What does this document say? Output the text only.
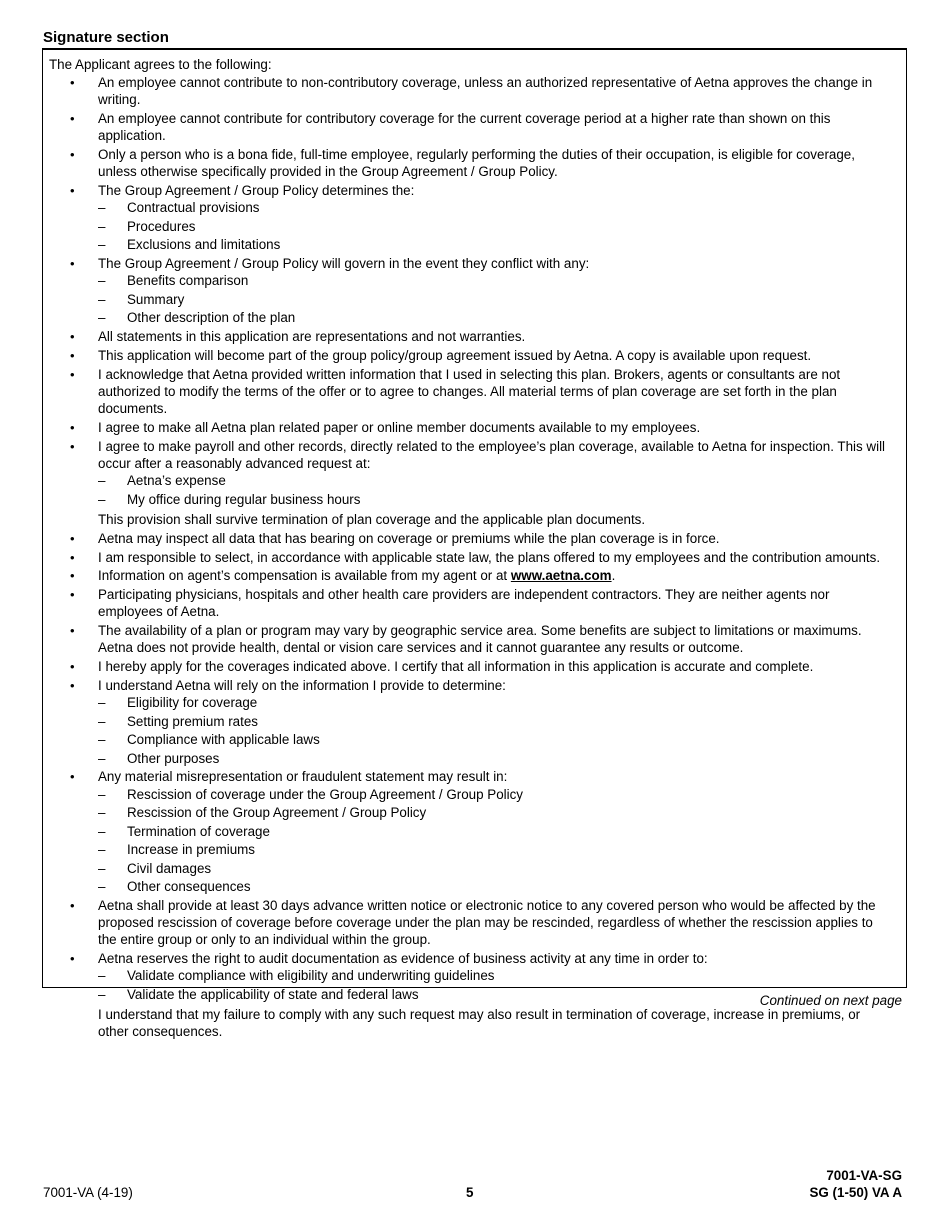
Signature section
The Applicant agrees to the following:
• An employee cannot contribute to non-contributory coverage, unless an authorized representative of Aetna approves the change in writing.
• An employee cannot contribute for contributory coverage for the current coverage period at a higher rate than shown on this application.
• Only a person who is a bona fide, full-time employee, regularly performing the duties of their occupation, is eligible for coverage, unless otherwise specifically provided in the Group Agreement / Group Policy.
• The Group Agreement / Group Policy determines the:
– Contractual provisions
– Procedures
– Exclusions and limitations
• The Group Agreement / Group Policy will govern in the event they conflict with any:
– Benefits comparison
– Summary
– Other description of the plan
• All statements in this application are representations and not warranties.
• This application will become part of the group policy/group agreement issued by Aetna. A copy is available upon request.
• I acknowledge that Aetna provided written information that I used in selecting this plan. Brokers, agents or consultants are not authorized to modify the terms of the offer or to agree to changes. All material terms of plan coverage are set forth in the plan documents.
• I agree to make all Aetna plan related paper or online member documents available to my employees.
• I agree to make payroll and other records, directly related to the employee’s plan coverage, available to Aetna for inspection. This will occur after a reasonably advanced request at:
– Aetna’s expense
– My office during regular business hours
This provision shall survive termination of plan coverage and the applicable plan documents.
• Aetna may inspect all data that has bearing on coverage or premiums while the plan coverage is in force.
• I am responsible to select, in accordance with applicable state law, the plans offered to my employees and the contribution amounts.
• Information on agent’s compensation is available from my agent or at www.aetna.com.
• Participating physicians, hospitals and other health care providers are independent contractors. They are neither agents nor employees of Aetna.
• The availability of a plan or program may vary by geographic service area. Some benefits are subject to limitations or maximums. Aetna does not provide health, dental or vision care services and it cannot guarantee any results or outcome.
• I hereby apply for the coverages indicated above. I certify that all information in this application is accurate and complete.
• I understand Aetna will rely on the information I provide to determine:
– Eligibility for coverage
– Setting premium rates
– Compliance with applicable laws
– Other purposes
• Any material misrepresentation or fraudulent statement may result in:
– Rescission of coverage under the Group Agreement / Group Policy
– Rescission of the Group Agreement / Group Policy
– Termination of coverage
– Increase in premiums
– Civil damages
– Other consequences
• Aetna shall provide at least 30 days advance written notice or electronic notice to any covered person who would be affected by the proposed rescission of coverage before coverage under the plan may be rescinded, regardless of whether the rescission applies to the entire group or only to an individual within the group.
• Aetna reserves the right to audit documentation as evidence of business activity at any time in order to:
– Validate compliance with eligibility and underwriting guidelines
– Validate the applicability of state and federal laws
I understand that my failure to comply with any such request may also result in termination of coverage, increase in premiums, or other consequences.
Continued on next page
7001-VA (4-19)	5
7001-VA-SG
SG (1-50) VA A
